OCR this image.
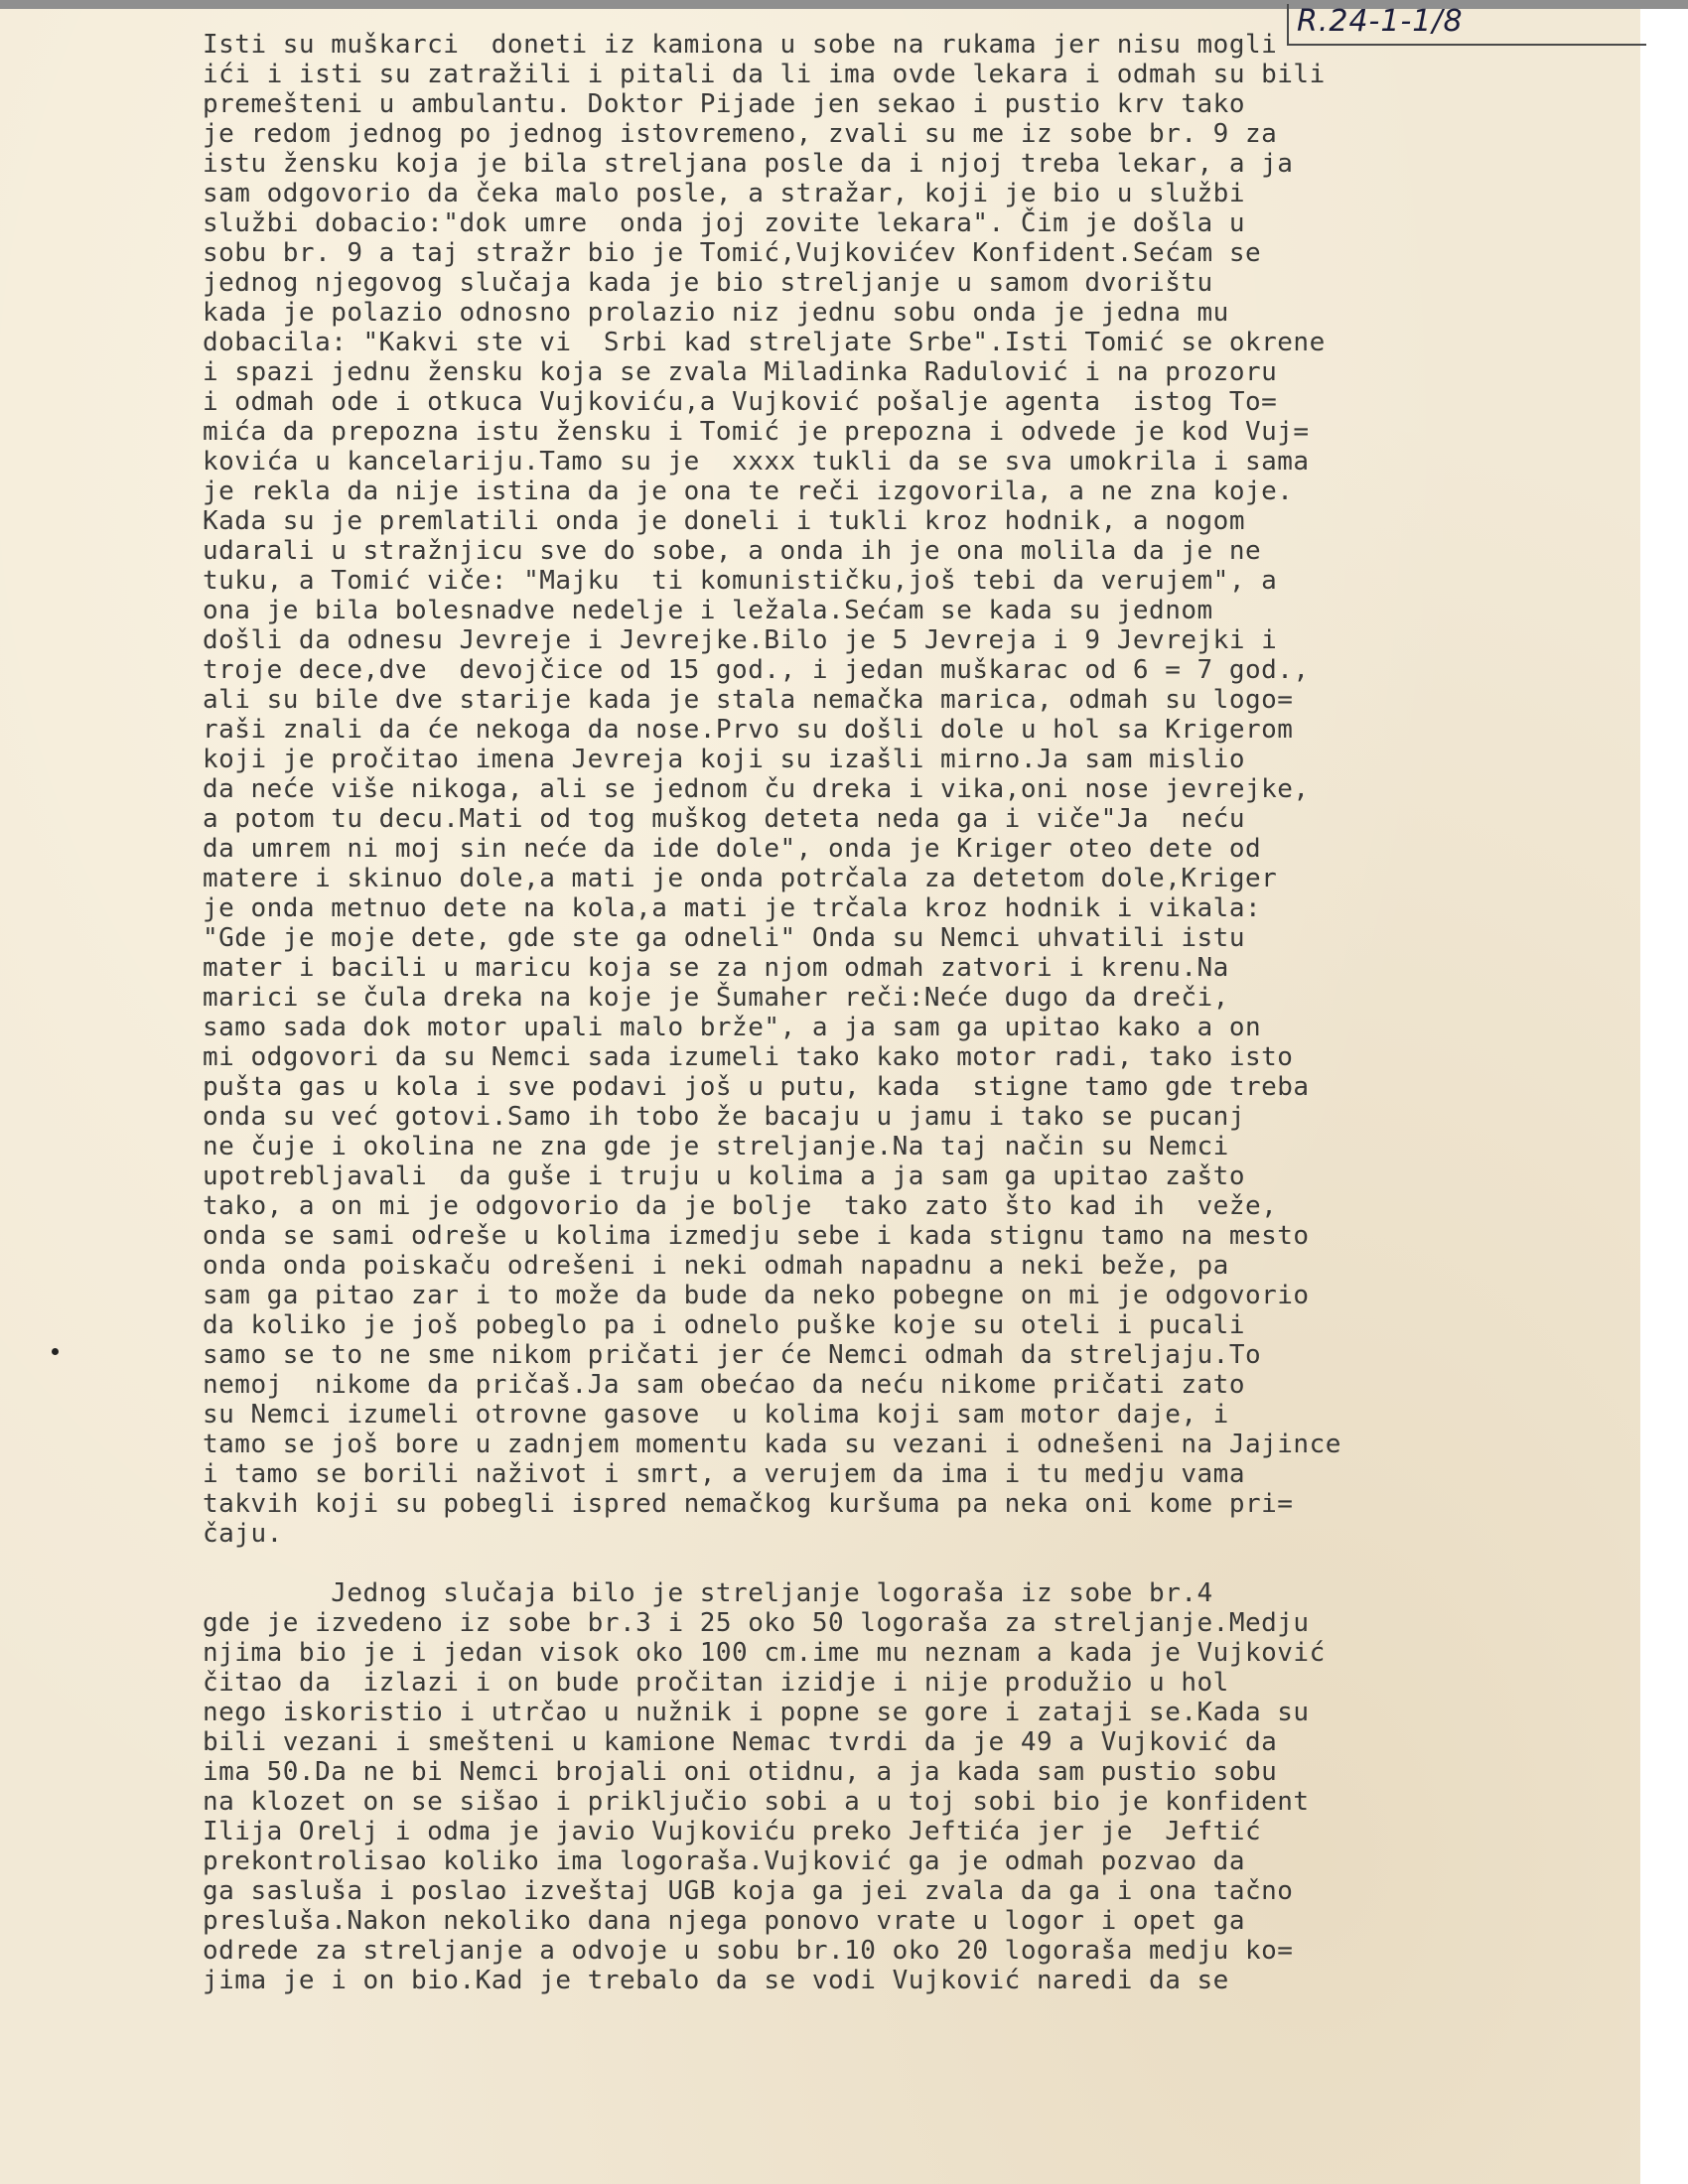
R.24-1-1/8
Isti su muškarci  doneti iz kamiona u sobe na rukama jer nisu mogli
ići i isti su zatražili i pitali da li ima ovde lekara i odmah su bili
premešteni u ambulantu. Doktor Pijade jen sekao i pustio krv tako
je redom jednog po jednog istovremeno, zvali su me iz sobe br. 9 za
istu žensku koja je bila streljana posle da i njoj treba lekar, a ja
sam odgovorio da čeka malo posle, a stražar, koji je bio u službi
službi dobacio:"dok umre  onda joj zovite lekara". Čim je došla u
sobu br. 9 a taj stražr bio je Tomić,Vujkovićev Konfident.Sećam se
jednog njegovog slučaja kada je bio streljanje u samom dvorištu
kada je polazio odnosno prolazio niz jednu sobu onda je jedna mu
dobacila: "Kakvi ste vi  Srbi kad streljate Srbe".Isti Tomić se okrene
i spazi jednu žensku koja se zvala Miladinka Radulović i na prozoru
i odmah ode i otkuca Vujkoviću,a Vujković pošalje agenta  istog To=
mića da prepozna istu žensku i Tomić je prepozna i odvede je kod Vuj=
kovića u kancelariju.Tamo su je  xxxx tukli da se sva umokrila i sama
je rekla da nije istina da je ona te reči izgovorila, a ne zna koje.
Kada su je premlatili onda je doneli i tukli kroz hodnik, a nogom
udarali u stražnjicu sve do sobe, a onda ih je ona molila da je ne
tuku, a Tomić viče: "Majku  ti komunističku,još tebi da verujem", a
ona je bila bolesnadve nedelje i ležala.Sećam se kada su jednom
došli da odnesu Jevreje i Jevrejke.Bilo je 5 Jevreja i 9 Jevrejki i
troje dece,dve  devojčice od 15 god., i jedan muškarac od 6 = 7 god.,
ali su bile dve starije kada je stala nemačka marica, odmah su logo=
raši znali da će nekoga da nose.Prvo su došli dole u hol sa Krigerom
koji je pročitao imena Jevreja koji su izašli mirno.Ja sam mislio
da neće više nikoga, ali se jednom ču dreka i vika,oni nose jevrejke,
a potom tu decu.Mati od tog muškog deteta neda ga i viče"Ja  neću
da umrem ni moj sin neće da ide dole", onda je Kriger oteo dete od
matere i skinuo dole,a mati je onda potrčala za detetom dole,Kriger
je onda metnuo dete na kola,a mati je trčala kroz hodnik i vikala:
"Gde je moje dete, gde ste ga odneli" Onda su Nemci uhvatili istu
mater i bacili u maricu koja se za njom odmah zatvori i krenu.Na
marici se čula dreka na koje je Šumaher reči:Neće dugo da dreči,
samo sada dok motor upali malo brže", a ja sam ga upitao kako a on
mi odgovori da su Nemci sada izumeli tako kako motor radi, tako isto
pušta gas u kola i sve podavi još u putu, kada  stigne tamo gde treba
onda su već gotovi.Samo ih tobo že bacaju u jamu i tako se pucanj
ne čuje i okolina ne zna gde je streljanje.Na taj način su Nemci
upotrebljavali  da guše i truju u kolima a ja sam ga upitao zašto
tako, a on mi je odgovorio da je bolje  tako zato što kad ih  veže,
onda se sami odreše u kolima izmedju sebe i kada stignu tamo na mesto
onda onda poiskaču odrešeni i neki odmah napadnu a neki beže, pa
sam ga pitao zar i to može da bude da neko pobegne on mi je odgovorio
da koliko je još pobeglo pa i odnelo puške koje su oteli i pucali
samo se to ne sme nikom pričati jer će Nemci odmah da streljaju.To
nemoj  nikome da pričaš.Ja sam obećao da neću nikome pričati zato
su Nemci izumeli otrovne gasove  u kolima koji sam motor daje, i
tamo se još bore u zadnjem momentu kada su vezani i odnešeni na Jajince
i tamo se borili naživot i smrt, a verujem da ima i tu medju vama
takvih koji su pobegli ispred nemačkog kuršuma pa neka oni kome pri=
čaju.
Jednog slučaja bilo je streljanje logoraša iz sobe br.4
gde je izvedeno iz sobe br.3 i 25 oko 50 logoraša za streljanje.Medju
njima bio je i jedan visok oko 100 cm.ime mu neznam a kada je Vujković
čitao da  izlazi i on bude pročitan izidje i nije produžio u hol
nego iskoristio i utrčao u nužnik i popne se gore i zataji se.Kada su
bili vezani i smešteni u kamione Nemac tvrdi da je 49 a Vujković da
ima 50.Da ne bi Nemci brojali oni otidnu, a ja kada sam pustio sobu
na klozet on se sišao i priključio sobi a u toj sobi bio je konfident
Ilija Orelj i odma je javio Vujkoviću preko Jeftića jer je  Jeftić
prekontrolisao koliko ima logoraša.Vujković ga je odmah pozvao da
ga sasluša i poslao izveštaj UGB koja ga jei zvala da ga i ona tačno
presluša.Nakon nekoliko dana njega ponovo vrate u logor i opet ga
odrede za streljanje a odvoje u sobu br.10 oko 20 logoraša medju ko=
jima je i on bio.Kad je trebalo da se vodi Vujković naredi da se
